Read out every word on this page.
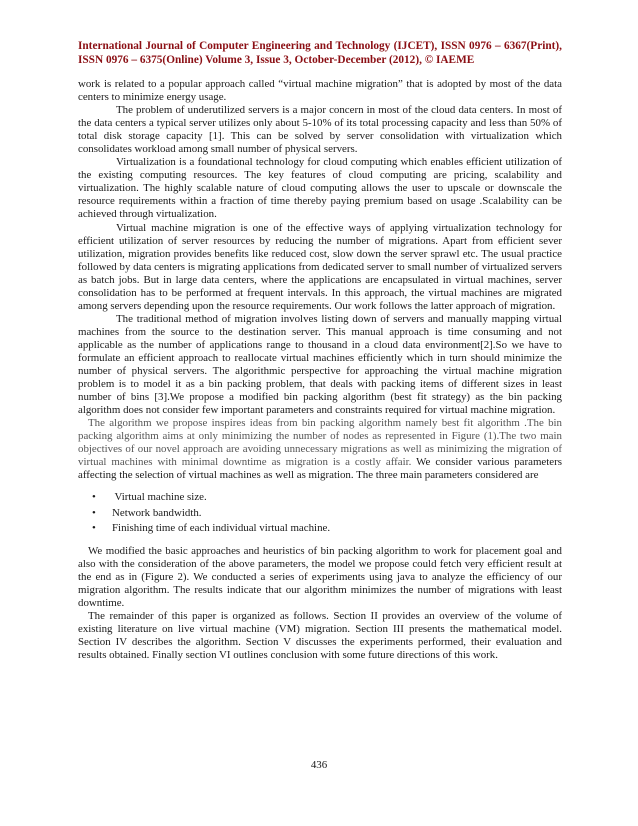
International Journal of Computer Engineering and Technology (IJCET), ISSN 0976 – 6367(Print), ISSN 0976 – 6375(Online) Volume 3, Issue 3, October-December (2012), © IAEME

work is related to a popular approach called “virtual machine migration” that is adopted by most of the data centers to minimize energy usage.

The problem of underutilized servers is a major concern in most of the cloud data centers. In most of the data centers a typical server utilizes only about 5-10% of its total processing capacity and less than 50% of total disk storage capacity [1]. This can be solved by server consolidation with virtualization which consolidates workload among small number of physical servers.

Virtualization is a foundational technology for cloud computing which enables efficient utilization of the existing computing resources. The key features of cloud computing are pricing, scalability and virtualization. The highly scalable nature of cloud computing allows the user to upscale or downscale the resource requirements within a fraction of time thereby paying premium based on usage .Scalability can be achieved through virtualization.

Virtual machine migration is one of the effective ways of applying virtualization technology for efficient utilization of server resources by reducing the number of migrations. Apart from efficient sever utilization, migration provides benefits like reduced cost, slow down the server sprawl etc. The usual practice followed by data centers is migrating applications from dedicated server to small number of virtualized servers as batch jobs. But in large data centers, where the applications are encapsulated in virtual machines, server consolidation has to be performed at frequent intervals. In this approach, the virtual machines are migrated among servers depending upon the resource requirements. Our work follows the latter approach of migration.

The traditional method of migration involves listing down of servers and manually mapping virtual machines from the source to the destination server. This manual approach is time consuming and not applicable as the number of applications range to thousand in a cloud data environment[2].So we have to formulate an efficient approach to reallocate virtual machines efficiently which in turn should minimize the number of physical servers. The algorithmic perspective for approaching the virtual machine migration problem is to model it as a bin packing problem, that deals with packing items of different sizes in least number of bins [3].We propose a modified bin packing algorithm (best fit strategy) as the bin packing algorithm does not consider few important parameters and constraints required for virtual machine migration.

The algorithm we propose inspires ideas from bin packing algorithm namely best fit algorithm .The bin packing algorithm aims at only minimizing the number of nodes as represented in Figure (1).The two main objectives of our novel approach are avoiding unnecessary migrations as well as minimizing the migration of virtual machines with minimal downtime as migration is a costly affair. We consider various parameters affecting the selection of virtual machines as well as migration. The three main parameters considered are

• Virtual machine size.
• Network bandwidth.
• Finishing time of each individual virtual machine.

We modified the basic approaches and heuristics of bin packing algorithm to work for placement goal and also with the consideration of the above parameters, the model we propose could fetch very efficient result at the end as in (Figure 2). We conducted a series of experiments using java to analyze the efficiency of our migration algorithm. The results indicate that our algorithm minimizes the number of migrations with least downtime.

The remainder of this paper is organized as follows. Section II provides an overview of the volume of existing literature on live virtual machine (VM) migration. Section III presents the mathematical model. Section IV describes the algorithm. Section V discusses the experiments performed, their evaluation and results obtained. Finally section VI outlines conclusion with some future directions of this work.

436
